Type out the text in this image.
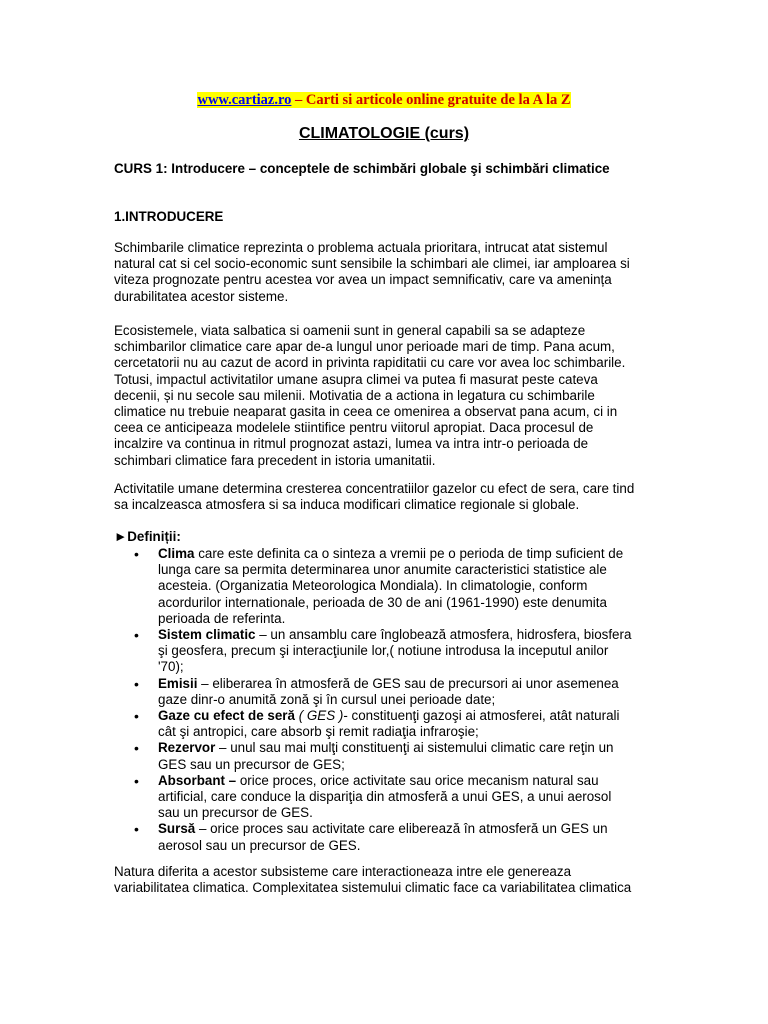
www.cartiaz.ro – Carti si articole online gratuite de la A la Z
CLIMATOLOGIE (curs)
CURS 1: Introducere – conceptele de schimbări globale şi schimbări climatice
1.INTRODUCERE

Schimbarile climatice reprezinta o problema actuala prioritara, intrucat atat sistemul natural cat si cel socio-economic sunt sensibile la schimbari ale climei, iar amploarea si viteza prognozate pentru acestea vor avea un impact semnificativ, care va amenința durabilitatea acestor sisteme.

Ecosistemele, viata salbatica si oamenii sunt in general capabili sa se adapteze schimbarilor climatice care apar de-a lungul unor perioade mari de timp. Pana acum, cercetatorii nu au cazut de acord in privinta rapiditatii cu care vor avea loc schimbarile. Totusi, impactul activitatilor umane asupra climei va putea fi masurat peste cateva decenii, și nu secole sau milenii. Motivatia de a actiona in legatura cu schimbarile climatice nu trebuie neaparat gasita in ceea ce omenirea a observat pana acum, ci in ceea ce anticipeaza modelele stiintifice pentru viitorul apropiat. Daca procesul de incalzire va continua in ritmul prognozat astazi, lumea va intra intr-o perioada de schimbari climatice fara precedent in istoria umanitatii.

Activitatile umane determina cresterea concentratiilor gazelor cu efect de sera, care tind sa incalzeasca atmosfera si sa induca modificari climatice regionale si globale.

►Definiții:
• Clima care este definita ca o sinteza a vremii pe o perioda de timp suficient de lunga care sa permita determinarea unor anumite caracteristici statistice ale acesteia. (Organizatia Meteorologica Mondiala). In climatologie, conform acordurilor internationale, perioada de 30 de ani (1961-1990) este denumita perioada de referinta.
• Sistem climatic – un ansamblu care înglobează atmosfera, hidrosfera, biosfera şi geosfera, precum şi interacţiunile lor,( notiune introdusa la inceputul anilor '70);
• Emisii – eliberarea în atmosferă de GES sau de precursori ai unor asemenea gaze dinr-o anumită zonă şi în cursul unei perioade date;
• Gaze cu efect de seră ( GES )- constituenţi gazoşi ai atmosferei, atât naturali cât şi antropici, care absorb şi remit radiaţia infraroşie;
• Rezervor – unul sau mai mulţi constituenţi ai sistemului climatic care reţin un GES sau un precursor de GES;
• Absorbant – orice proces, orice activitate sau orice mecanism natural sau artificial, care conduce la dispariţia din atmosferă a unui GES, a unui aerosol sau un precursor de GES.
• Sursă – orice proces sau activitate care eliberează în atmosferă un GES un aerosol sau un precursor de GES.

Natura diferita a acestor subsisteme care interactioneaza intre ele genereaza variabilitatea climatica. Complexitatea sistemului climatic face ca variabilitatea climatica
